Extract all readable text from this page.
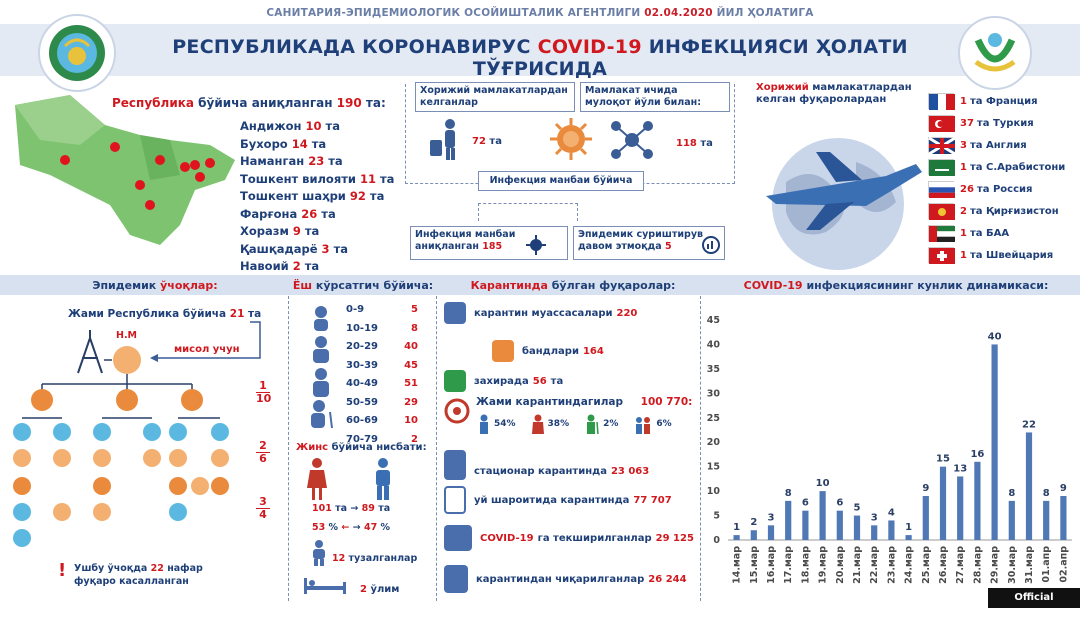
САНИТАРИЯ-ЭПИДЕМИОЛОГИК ОСОЙИШТАЛИК АГЕНТЛИГИ 02.04.2020 ЙИЛ ҲОЛАТИГА
РЕСПУБЛИКАДА КОРОНАВИРУС COVID-19 ИНФЕКЦИЯСИ ҲОЛАТИ ТЎҒРИСИДА
Республика бўйича аниқланган 190 та:
Андижон 10 та
Бухоро 14 та
Наманган 23 та
Тошкент вилояти 11 та
Тошкент шаҳри 92 та
Фарғона 26 та
Хоразм 9 та
Қашқадарё 3 та
Навоий 2 та
Хорижий мамлакатлардан келганлар
Мамлакат ичида мулоқот йўли билан:
72 та	118 та
Инфекция манбаи бўйича
Инфекция манбаи аниқланган 185
Эпидемик суриштирув давом этмоқда 5
Хорижий мамлакатлардан келган фуқаролардан	1 та Франция
37 та Туркия
3 та Англия
1 та С.Арабистони
26 та Россия
2 та Қирғизистон
1 та БАА
1 та Швейцария
Эпидемик ўчоқлар:	Ёш кўрсатгич бўйича:	Карантинда бўлган фуқаролар:	COVID-19 инфекциясининг кунлик динамикаси:
Жами Республика бўйича 21 та
Н.М
мисол учун
1
10
2
6
3
4
! Ушбу ўчоқда 22 нафар
фуқаро касалланган
0-9	5
10-19	8
20-29	40
30-39	45
40-49	51
50-59	29
60-69	10
70-79	2
Жинс бўйича нисбати:
101 та → 89 та
53 % ← → 47 %
12 тузалганлар
2 ўлим
карантин муассасалари 220
бандлари 164
захирада 56 та
Жами карантиндагилар 100 770:
54%	38%	2%	6%
стационар карантинда 23 063
уй шароитида карантинда 77 707
COVID-19 га текширилганлар 29 125
карантиндан чиқарилганлар 26 244
0
5
10
15
20
25
30
35
40
45
1
14.мар
2
15.мар
3
16.мар
8
17.мар
6
18.мар
10
19.мар
6
20.мар
5
21.мар
3
22.мар
4
23.мар
1
24.мар
9
25.мар
15
26.мар
13
27.мар
16
28.мар
40
29.мар
8
30.мар
22
31.мар
8
01.апр
9
02.апр
Official publication
